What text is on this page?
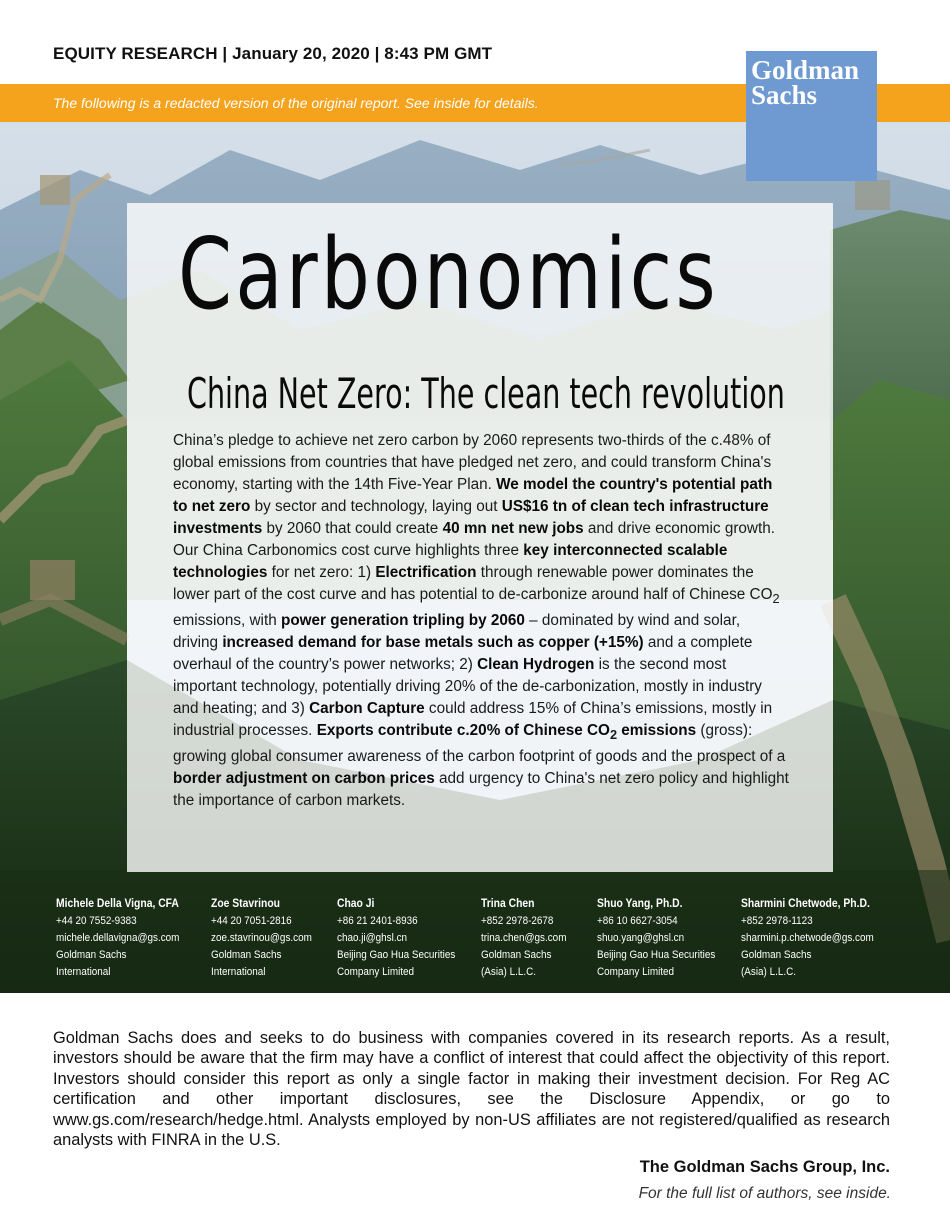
EQUITY RESEARCH | January 20, 2020 | 8:43 PM GMT
The following is a redacted version of the original report. See inside for details.
Goldman
Sachs
Carbonomics
China Net Zero: The clean tech revolution
China’s pledge to achieve net zero carbon by 2060 represents two-thirds of the c.48% of global emissions from countries that have pledged net zero, and could transform China's economy, starting with the 14th Five-Year Plan. We model the country's potential path to net zero by sector and technology, laying out US$16 tn of clean tech infrastructure investments by 2060 that could create 40 mn net new jobs and drive economic growth. Our China Carbonomics cost curve highlights three key interconnected scalable technologies for net zero: 1) Electrification through renewable power dominates the lower part of the cost curve and has potential to de-carbonize around half of Chinese $CO_2$ emissions, with power generation tripling by 2060 – dominated by wind and solar, driving increased demand for base metals such as copper (+15%) and a complete overhaul of the country’s power networks; 2) Clean Hydrogen is the second most important technology, potentially driving 20% of the de-carbonization, mostly in industry and heating; and 3) Carbon Capture could address 15% of China’s emissions, mostly in industrial processes. Exports contribute c.20% of Chinese $CO_2$ emissions (gross): growing global consumer awareness of the carbon footprint of goods and the prospect of a border adjustment on carbon prices add urgency to China's net zero policy and highlight the importance of carbon markets.
Michele Della Vigna, CFA
+44 20 7552-9383
michele.dellavigna@gs.com
Goldman Sachs
International
Zoe Stavrinou
+44 20 7051-2816
zoe.stavrinou@gs.com
Goldman Sachs
International
Chao Ji
+86 21 2401-8936
chao.ji@ghsl.cn
Beijing Gao Hua Securities
Company Limited
Trina Chen
+852 2978-2678
trina.chen@gs.com
Goldman Sachs
(Asia) L.L.C.
Shuo Yang, Ph.D.
+86 10 6627-3054
shuo.yang@ghsl.cn
Beijing Gao Hua Securities
Company Limited
Sharmini Chetwode, Ph.D.
+852 2978-1123
sharmini.p.chetwode@gs.com
Goldman Sachs
(Asia) L.L.C.
Goldman Sachs does and seeks to do business with companies covered in its research reports. As a result, investors should be aware that the firm may have a conflict of interest that could affect the objectivity of this report. Investors should consider this report as only a single factor in making their investment decision. For Reg AC certification and other important disclosures, see the Disclosure Appendix, or go to www.gs.com/research/hedge.html. Analysts employed by non-US affiliates are not registered/qualified as research analysts with FINRA in the U.S.
The Goldman Sachs Group, Inc.
For the full list of authors, see inside.
